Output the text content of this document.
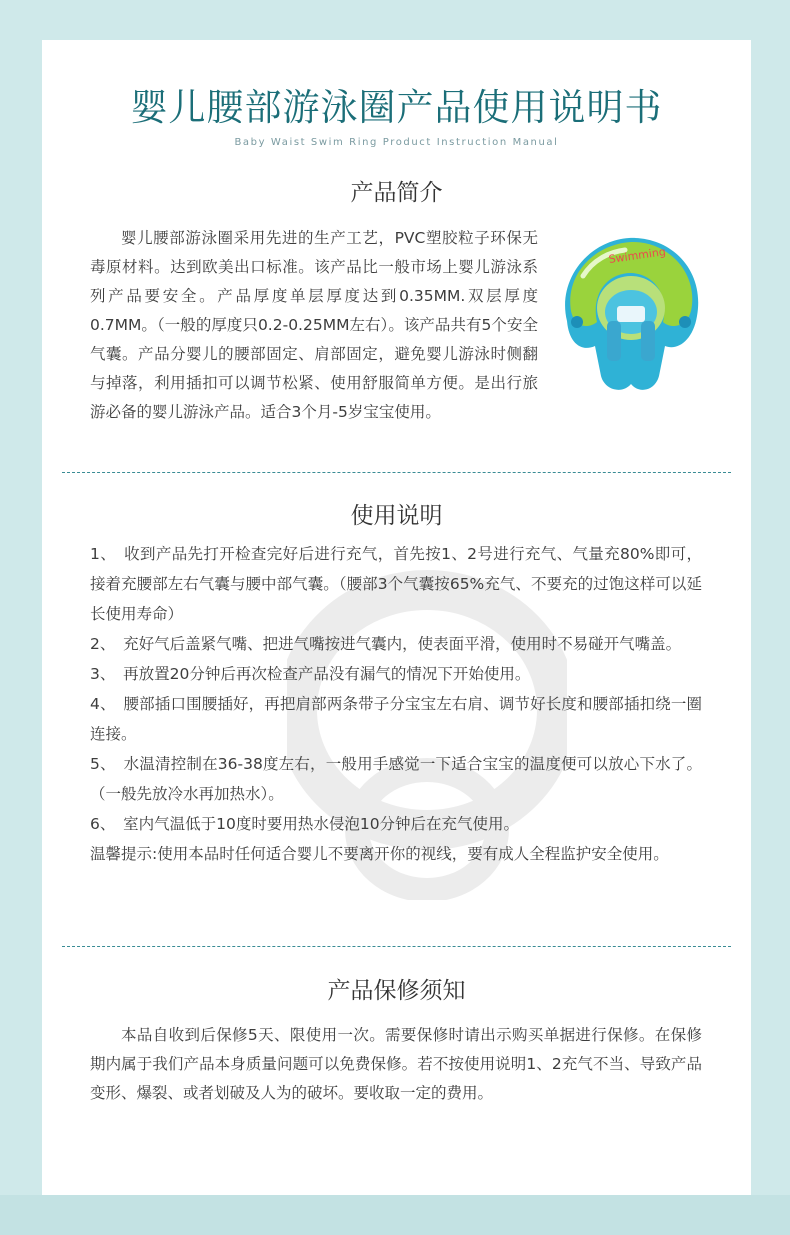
婴儿腰部游泳圈产品使用说明书
Baby Waist Swim Ring Product Instruction Manual
产品简介

婴儿腰部游泳圈采用先进的生产工艺，PVC塑胶粒子环保无毒原材料。达到欧美出口标准。该产品比一般市场上婴儿游泳系列产品要安全。产品厚度单层厚度达到0.35MM.双层厚度0.7MM。（一般的厚度只0.2-0.25MM左右）。该产品共有5个安全气囊。产品分婴儿的腰部固定、肩部固定，避免婴儿游泳时侧翻与掉落，利用插扣可以调节松紧、使用舒服简单方便。是出行旅游必备的婴儿游泳产品。适合3个月-5岁宝宝使用。

Swimming
使用说明
1、　收到产品先打开检查完好后进行充气，首先按1、2号进行充气、气量充80%即可，接着充腰部左右气囊与腰中部气囊。（腰部3个气囊按65%充气、不要充的过饱这样可以延长使用寿命）
2、　充好气后盖紧气嘴、把进气嘴按进气囊内，使表面平滑，使用时不易碰开气嘴盖。
3、　再放置20分钟后再次检查产品没有漏气的情况下开始使用。
4、　腰部插口围腰插好，再把肩部两条带子分宝宝左右肩、调节好长度和腰部插扣绕一圈连接。
5、　水温清控制在36-38度左右，一般用手感觉一下适合宝宝的温度便可以放心下水了。（一般先放冷水再加热水）。
6、　室内气温低于10度时要用热水侵泡10分钟后在充气使用。
温馨提示:使用本品时任何适合婴儿不要离开你的视线，要有成人全程监护安全使用。
产品保修须知

本品自收到后保修5天、限使用一次。需要保修时请出示购买单据进行保修。在保修期内属于我们产品本身质量问题可以免费保修。若不按使用说明1、2充气不当、导致产品变形、爆裂、或者划破及人为的破坏。要收取一定的费用。
